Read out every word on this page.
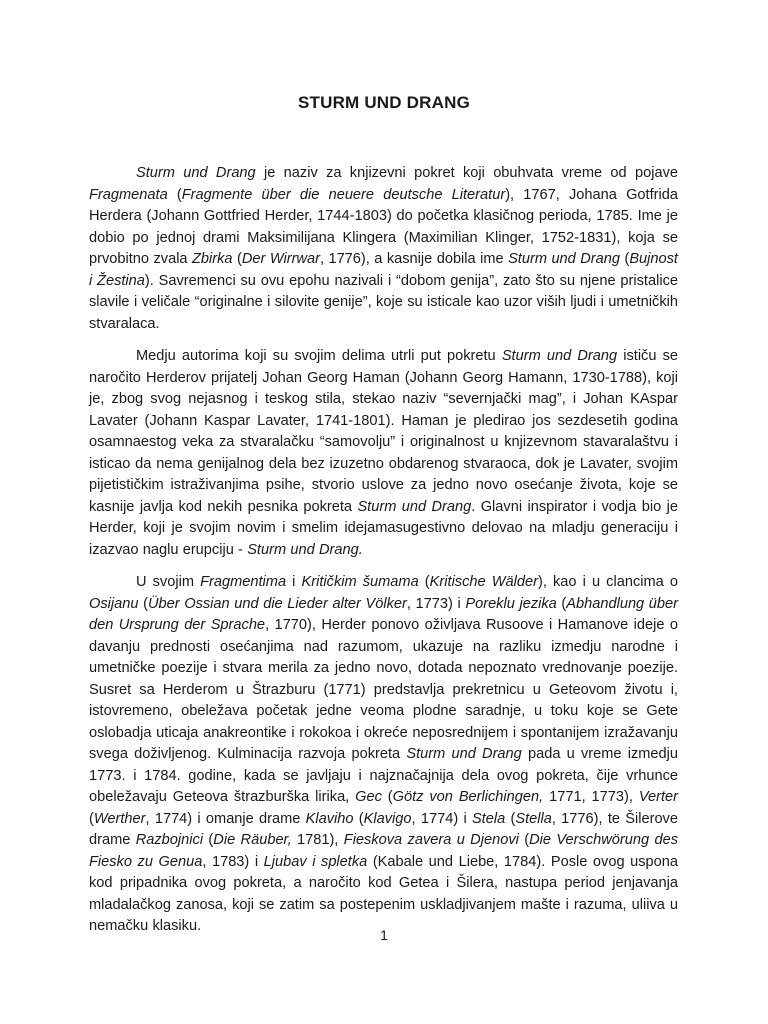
STURM UND DRANG

Sturm und Drang je naziv za knjizevni pokret koji obuhvata vreme od pojave Fragmenata (Fragmente über die neuere deutsche Literatur), 1767, Johana Gotfrida Herdera (Johann Gottfried Herder, 1744-1803) do početka klasičnog perioda, 1785. Ime je dobio po jednoj drami Maksimilijana Klingera (Maximilian Klinger, 1752-1831), koja se prvobitno zvala Zbirka (Der Wirrwar, 1776), a kasnije dobila ime Sturm und Drang (Bujnost i Žestina). Savremenci su ovu epohu nazivali i “dobom genija”, zato što su njene pristalice slavile i veličale “originalne i silovite genije”, koje su isticale kao uzor viših ljudi i umetničkih stvaralaca.

Medju autorima koji su svojim delima utrli put pokretu Sturm und Drang ističu se naročito Herderov prijatelj Johan Georg Haman (Johann Georg Hamann, 1730-1788), koji je, zbog svog nejasnog i teskog stila, stekao naziv “severnjački mag”, i Johan KAspar Lavater (Johann Kaspar Lavater, 1741-1801). Haman je pledirao jos sezdesetih godina osamnaestog veka za stvaralačku “samovolju” i originalnost u knjizevnom stavaralaštvu i isticao da nema genijalnog dela bez izuzetno obdarenog stvaraoca, dok je Lavater, svojim pijetističkim istraživanjima psihe, stvorio uslove za jedno novo osećanje života, koje se kasnije javlja kod nekih pesnika pokreta Sturm und Drang. Glavni inspirator i vodja bio je Herder, koji je svojim novim i smelim idejamasugestivno delovao na mladju generaciju i izazvao naglu erupciju - Sturm und Drang.

U svojim Fragmentima i Kritičkim šumama (Kritische Wälder), kao i u clancima o Osijanu (Über Ossian und die Lieder alter Völker, 1773) i Poreklu jezika (Abhandlung über den Ursprung der Sprache, 1770), Herder ponovo oživljava Rusoove i Hamanove ideje o davanju prednosti osećanjima nad razumom, ukazuje na razliku izmedju narodne i umetničke poezije i stvara merila za jedno novo, dotada nepoznato vrednovanje poezije. Susret sa Herderom u Štrazburu (1771) predstavlja prekretnicu u Geteovom životu i, istovremeno, obeležava početak jedne veoma plodne saradnje, u toku koje se Gete oslobadja uticaja anakreontike i rokokoa i okreće neposrednijem i spontanijem izražavanju svega doživljenog. Kulminacija razvoja pokreta Sturm und Drang pada u vreme izmedju 1773. i 1784. godine, kada se javljaju i najznačajnija dela ovog pokreta, čije vrhunce obeležavaju Geteova štrazburška lirika, Gec (Götz von Berlichingen, 1771, 1773), Verter (Werther, 1774) i omanje drame Klaviho (Klavigo, 1774) i Stela (Stella, 1776), te Šilerove drame Razbojnici (Die Räuber, 1781), Fieskova zavera u Djenovi (Die Verschwörung des Fiesko zu Genua, 1783) i Ljubav i spletka (Kabale und Liebe, 1784). Posle ovog uspona kod pripadnika ovog pokreta, a naročito kod Getea i Šilera, nastupa period jenjavanja mladalačkog zanosa, koji se zatim sa postepenim uskladjivanjem mašte i razuma, uliiva u nemačku klasiku.

1
